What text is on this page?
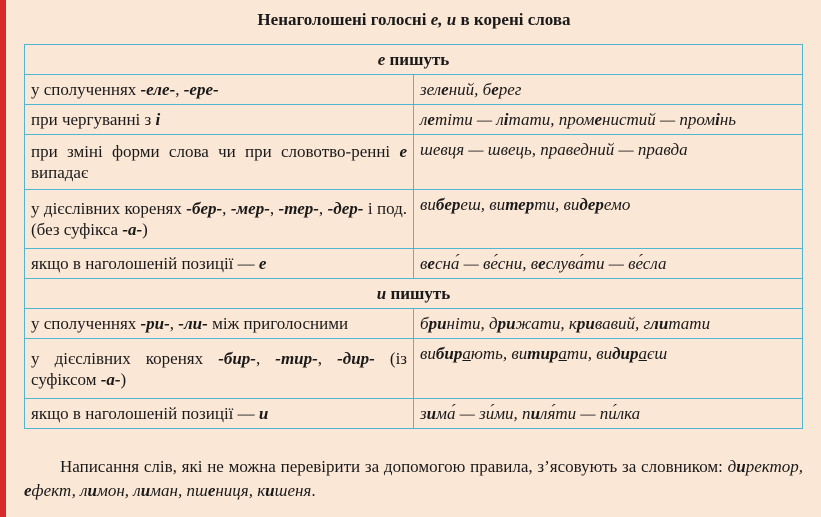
Ненаголошені голосні е, и в корені слова
е пишуть	
у сполученнях -еле-, -ере-	зелений, берег
при чергуванні з і	летіти — літати, променистий — промінь
при зміні форми слова чи при словотво-ренні е випадає	шевця — швець, праведний — правда
у дієслівних коренях -бер-, -мер-, -тер-, -дер- і под. (без суфікса -а-)	вибереш, витерти, видеремо
якщо в наголошеній позиції — е	весна́ — ве́сни, веслува́ти — ве́сла
и пишуть	
у сполученнях -ри-, -ли- між приголосними	бриніти, дрижати, кривавий, глитати
у дієслівних коренях -бир-, -тир-, -дир- (із суфіксом -а-)	вибирають, витирати, видираєш
якщо в наголошеній позиції — и	зима́ — зи́ми, пиля́ти — пи́лка
Написання слів, які не можна перевірити за допомогою правила, з’ясовують за словником: директор, ефект, лимон, лиман, пшениця, кишеня.
